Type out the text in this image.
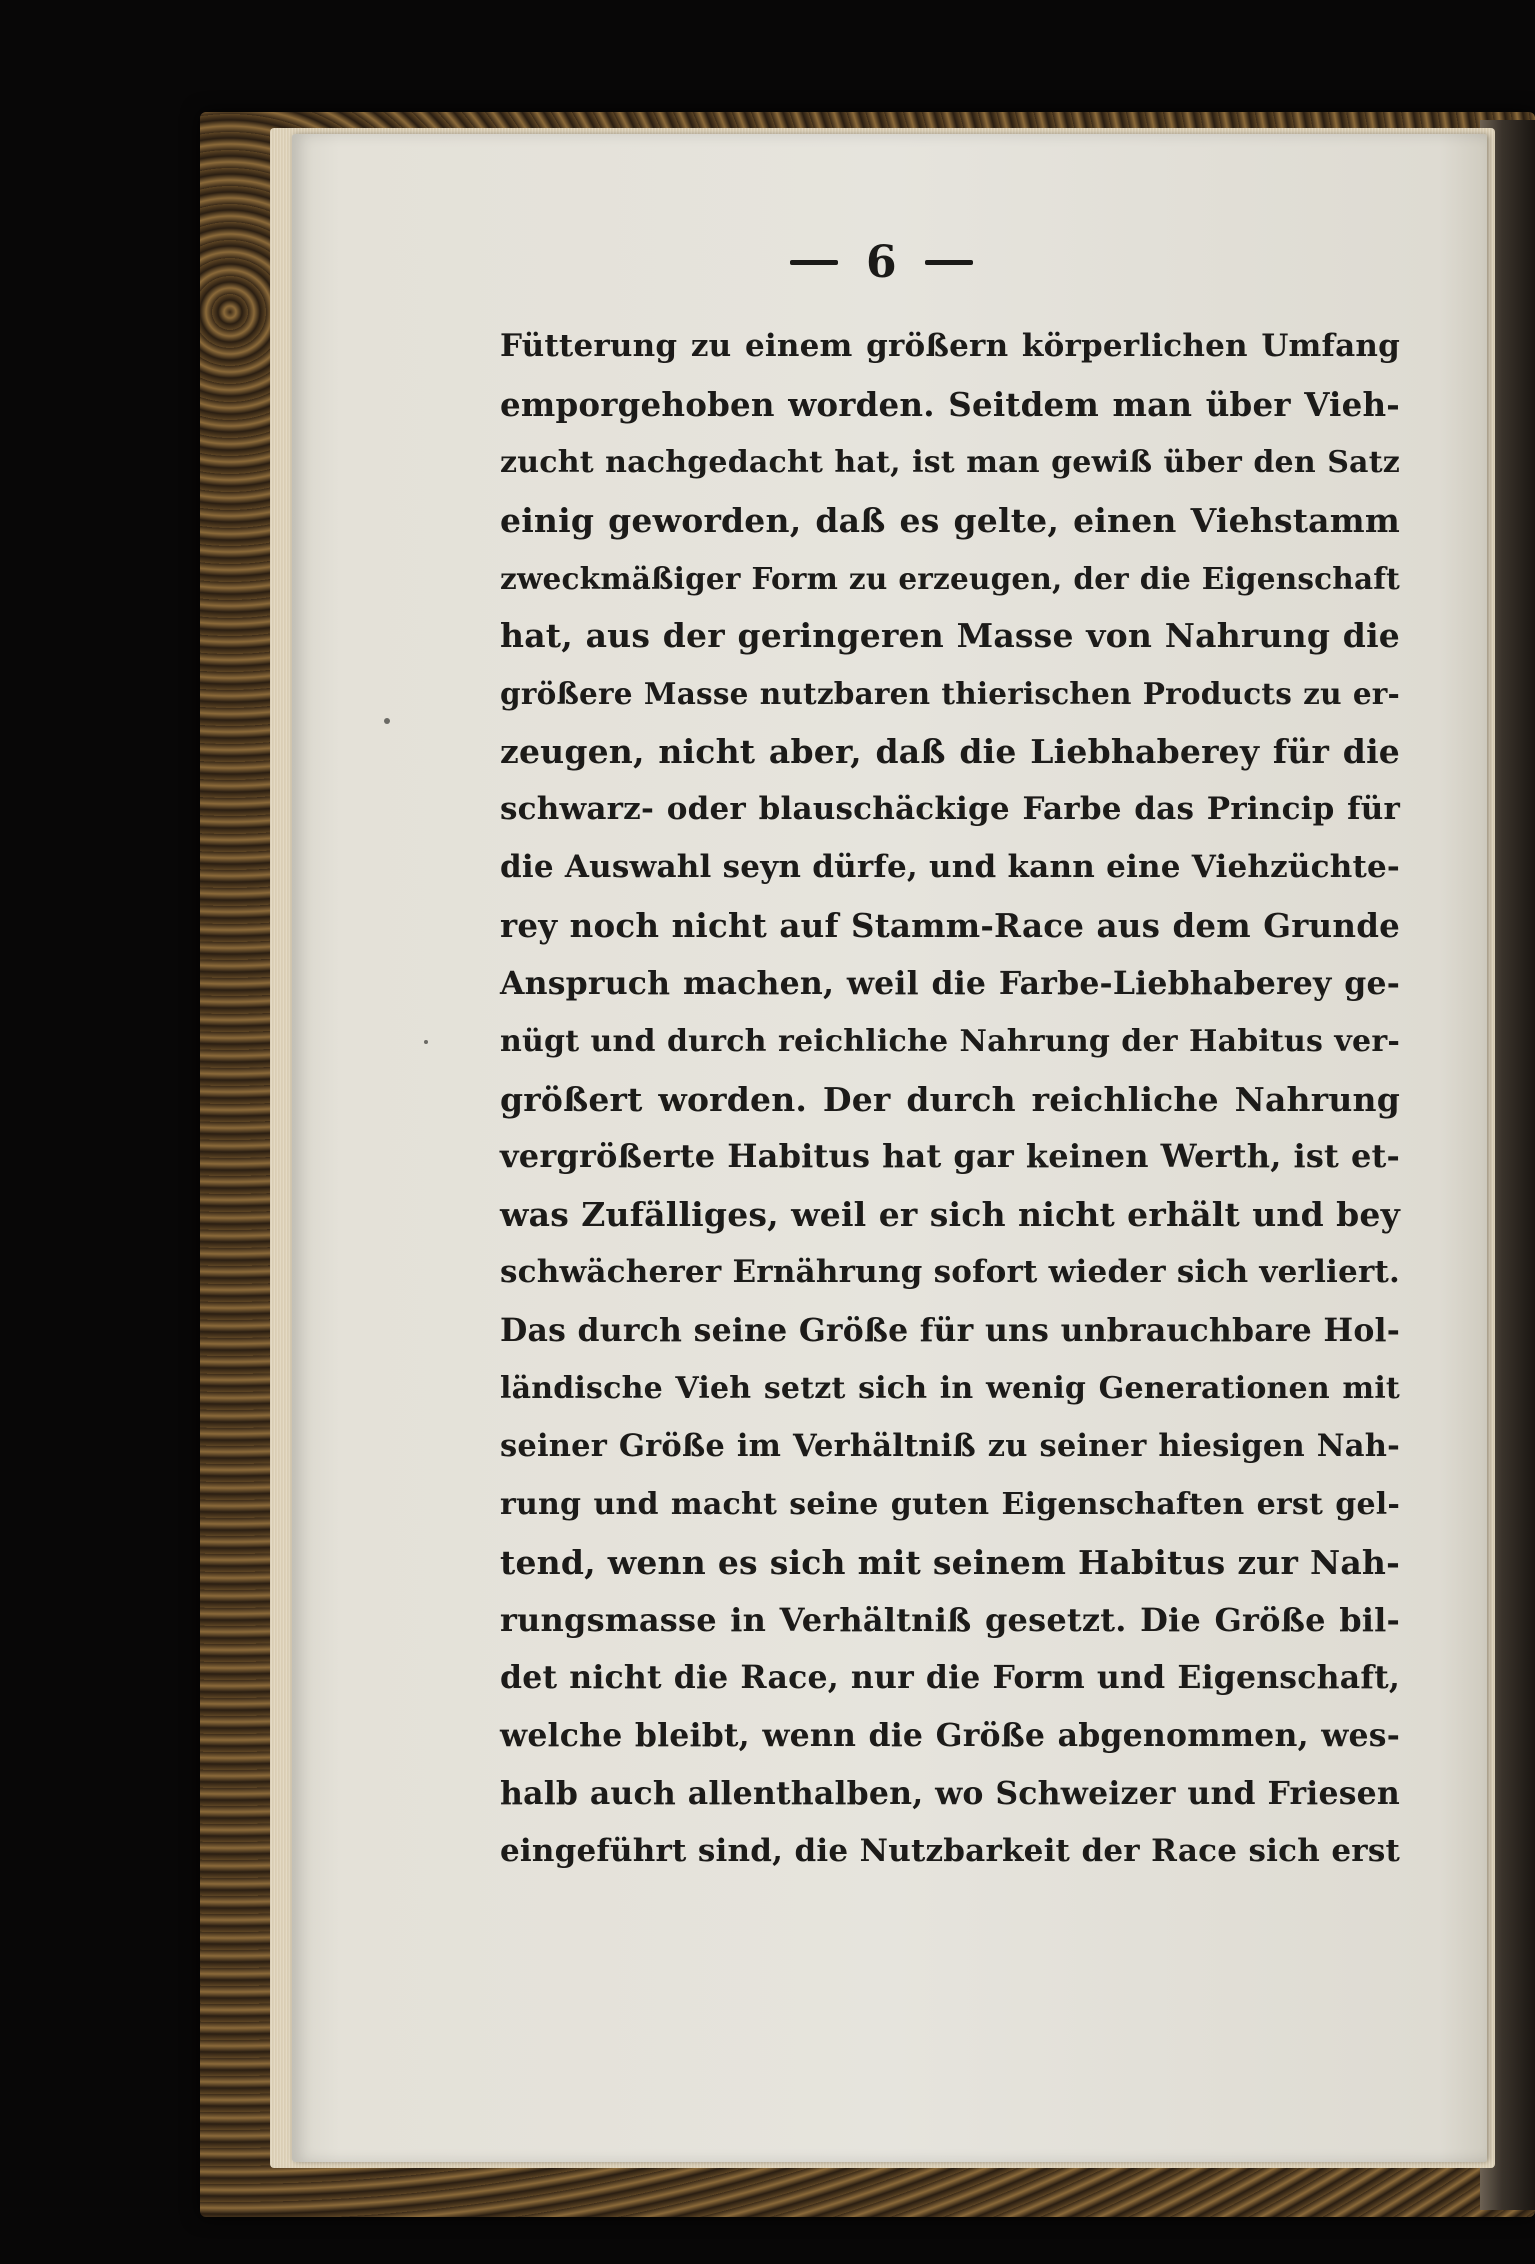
6
Fütterung zu einem größern körperlichen Umfang
emporgehoben worden. Seitdem man über Vieh-
zucht nachgedacht hat, ist man gewiß über den Satz
einig geworden, daß es gelte, einen Viehstamm
zweckmäßiger Form zu erzeugen, der die Eigenschaft
hat, aus der geringeren Masse von Nahrung die
größere Masse nutzbaren thierischen Products zu er-
zeugen, nicht aber, daß die Liebhaberey für die
schwarz- oder blauschäckige Farbe das Princip für
die Auswahl seyn dürfe, und kann eine Viehzüchte-
rey noch nicht auf Stamm-Race aus dem Grunde
Anspruch machen, weil die Farbe-Liebhaberey ge-
nügt und durch reichliche Nahrung der Habitus ver-
größert worden. Der durch reichliche Nahrung
vergrößerte Habitus hat gar keinen Werth, ist et-
was Zufälliges, weil er sich nicht erhält und bey
schwächerer Ernährung sofort wieder sich verliert.
Das durch seine Größe für uns unbrauchbare Hol-
ländische Vieh setzt sich in wenig Generationen mit
seiner Größe im Verhältniß zu seiner hiesigen Nah-
rung und macht seine guten Eigenschaften erst gel-
tend, wenn es sich mit seinem Habitus zur Nah-
rungsmasse in Verhältniß gesetzt. Die Größe bil-
det nicht die Race, nur die Form und Eigenschaft,
welche bleibt, wenn die Größe abgenommen, wes-
halb auch allenthalben, wo Schweizer und Friesen
eingeführt sind, die Nutzbarkeit der Race sich erst
